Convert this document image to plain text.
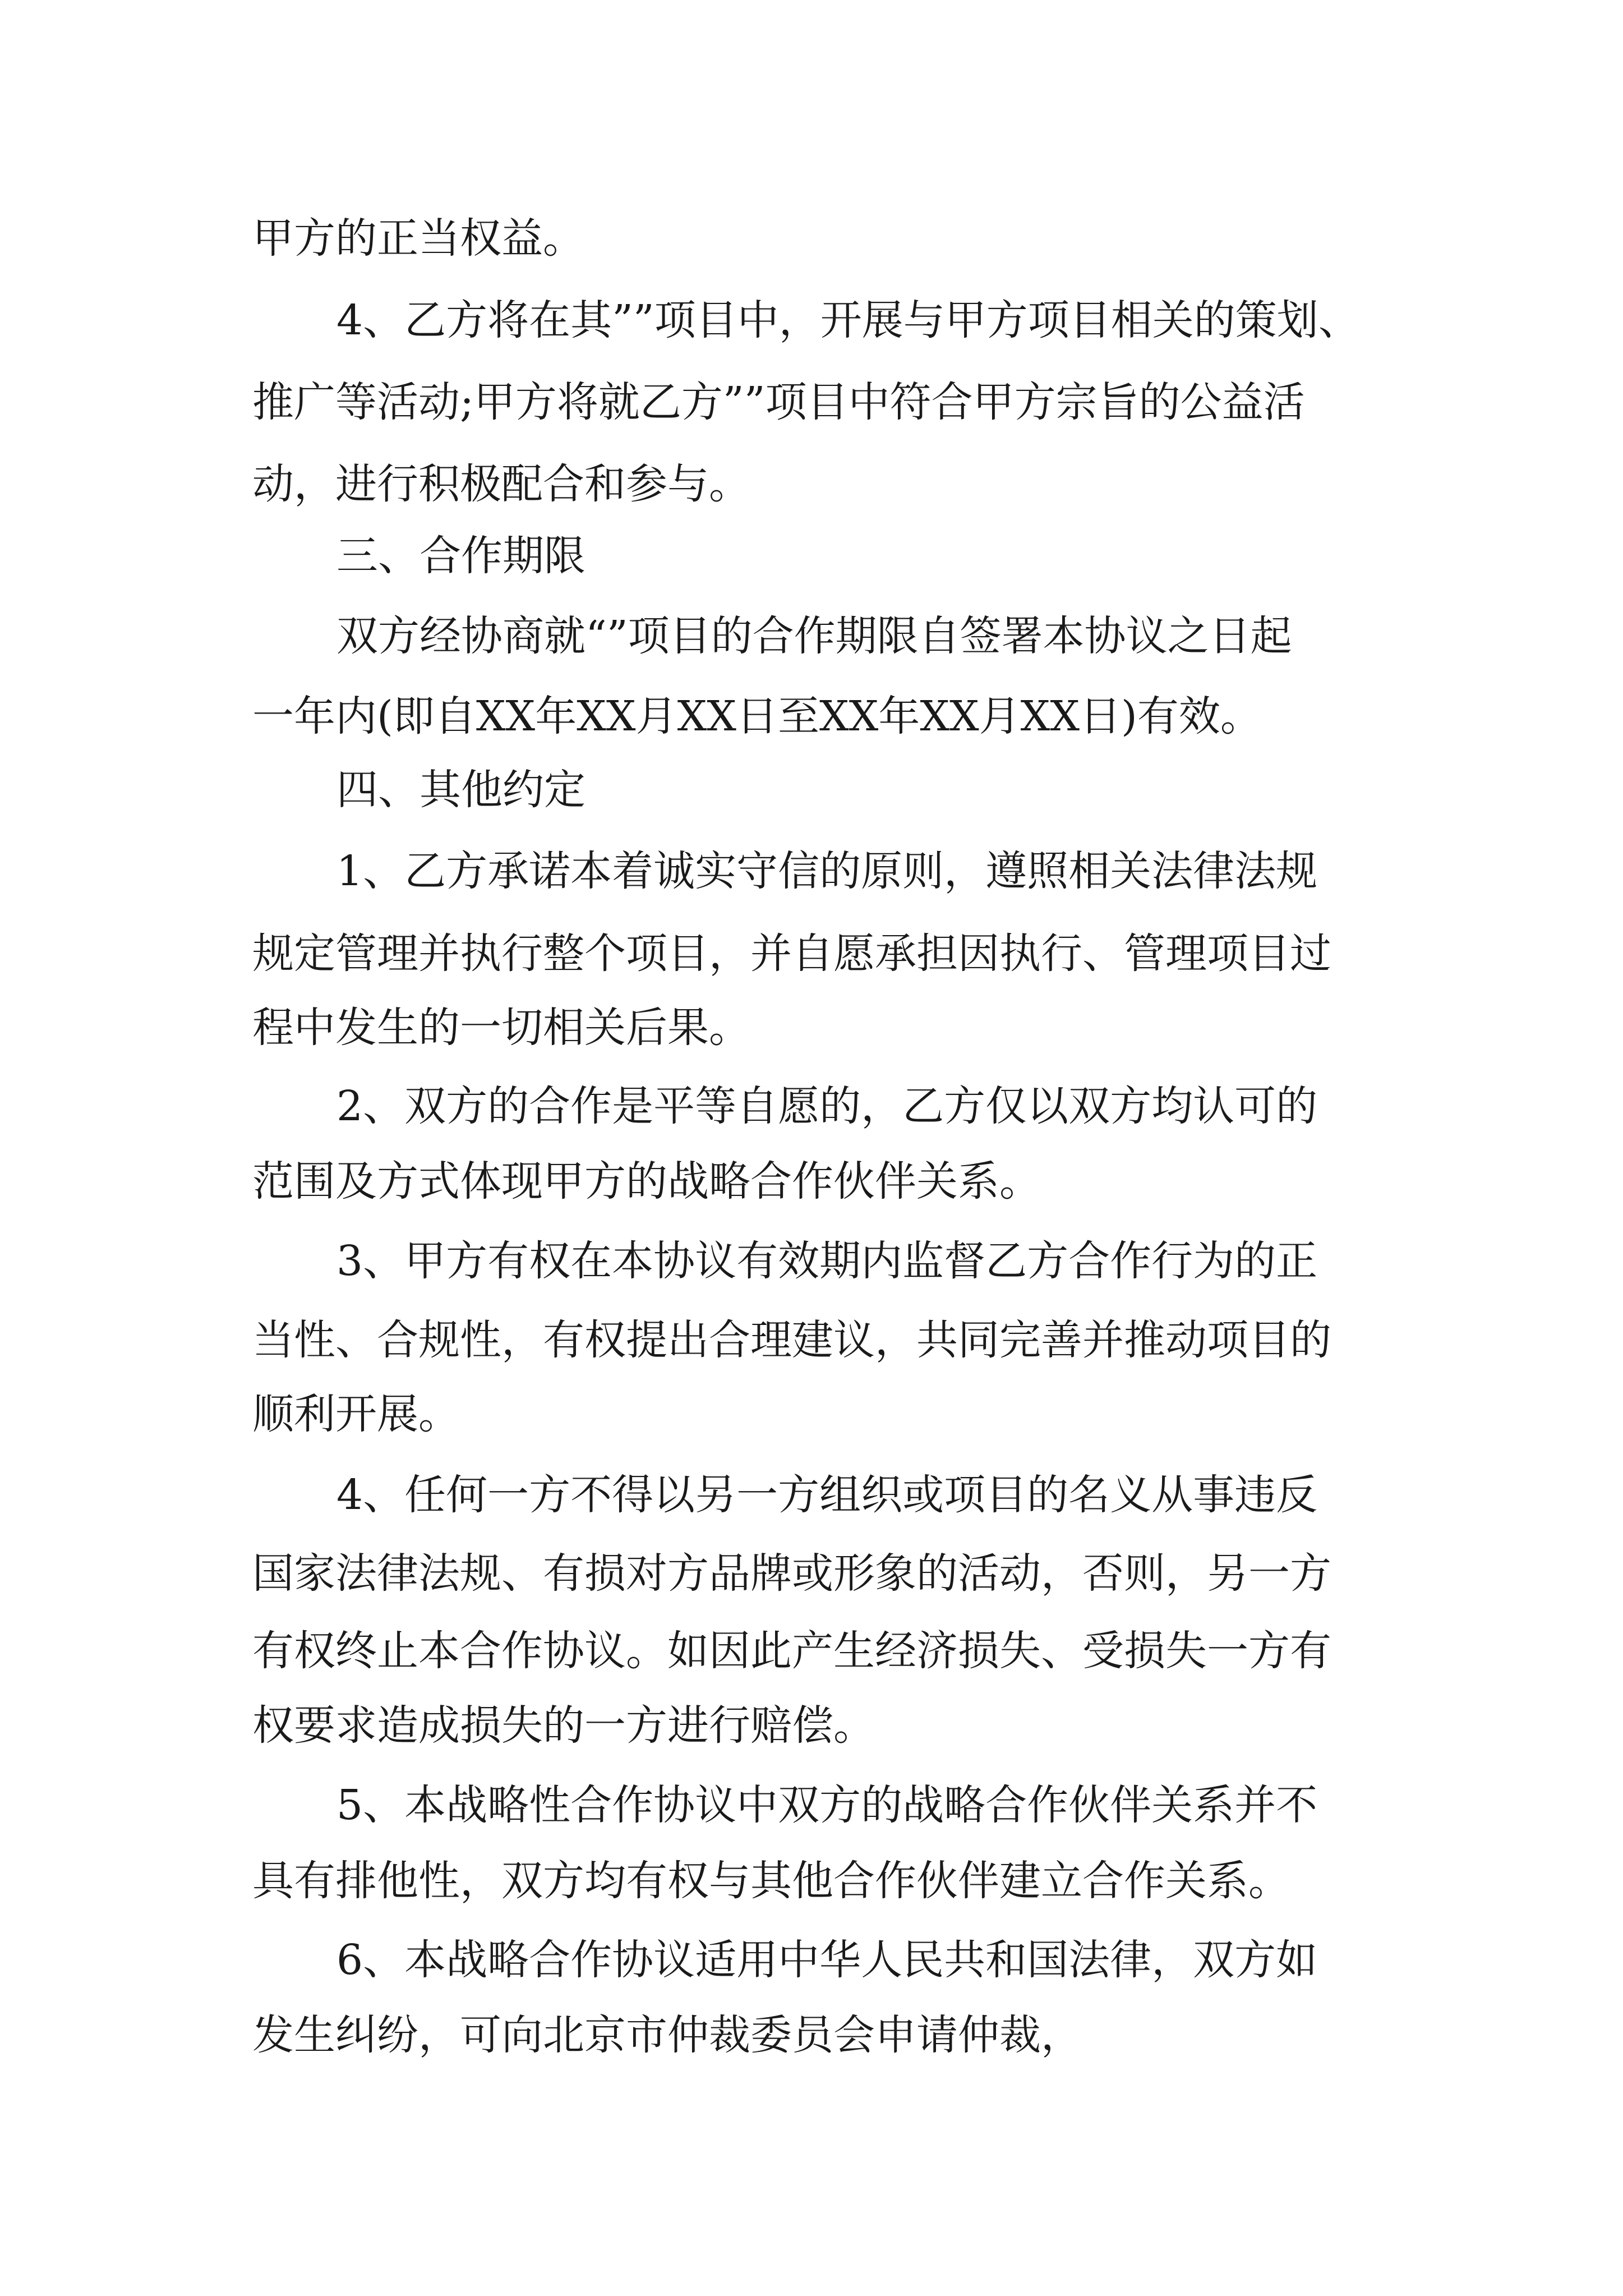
甲方的正当权益。
4、乙方将在其””项目中，开展与甲方项目相关的策划、
推广等活动;甲方将就乙方””项目中符合甲方宗旨的公益活
动，进行积极配合和参与。
三、合作期限
双方经协商就“”项目的合作期限自签署本协议之日起
一年内(即自XX年XX月XX日至XX年XX月XX日)有效。
四、其他约定
1、乙方承诺本着诚实守信的原则，遵照相关法律法规
规定管理并执行整个项目，并自愿承担因执行、管理项目过
程中发生的一切相关后果。
2、双方的合作是平等自愿的，乙方仅以双方均认可的
范围及方式体现甲方的战略合作伙伴关系。
3、甲方有权在本协议有效期内监督乙方合作行为的正
当性、合规性，有权提出合理建议，共同完善并推动项目的
顺利开展。
4、任何一方不得以另一方组织或项目的名义从事违反
国家法律法规、有损对方品牌或形象的活动，否则，另一方
有权终止本合作协议。如因此产生经济损失、受损失一方有
权要求造成损失的一方进行赔偿。
5、本战略性合作协议中双方的战略合作伙伴关系并不
具有排他性，双方均有权与其他合作伙伴建立合作关系。
6、本战略合作协议适用中华人民共和国法律，双方如
发生纠纷，可向北京市仲裁委员会申请仲裁，
